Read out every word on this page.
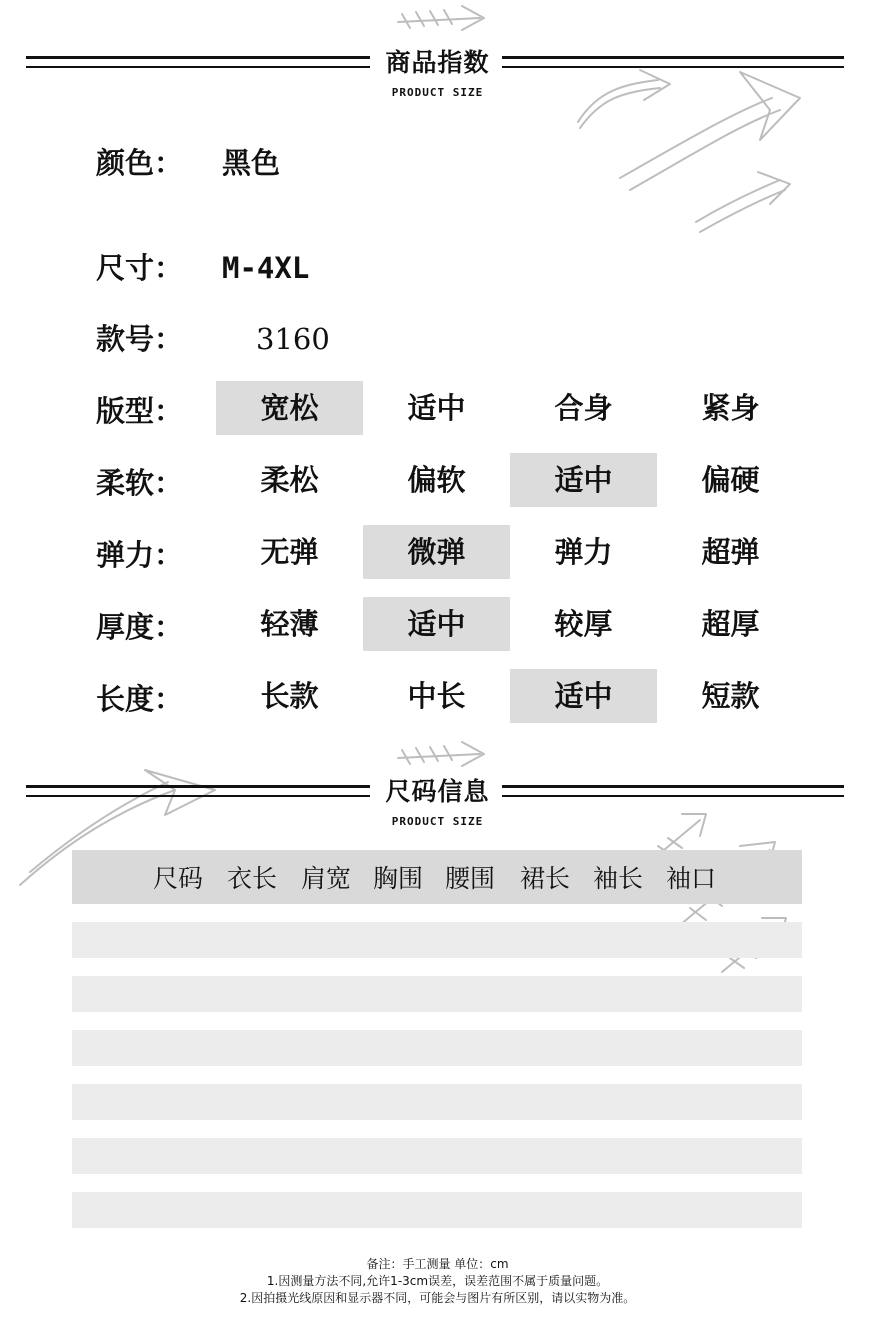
商品指数
PRODUCT SIZE
颜色： 黑色
尺寸： M-4XL
款号：	3160
版型：	宽松	适中	合身	紧身
柔软：	柔松	偏软	适中	偏硬
弹力：	无弹	微弹	弹力	超弹
厚度：	轻薄	适中	较厚	超厚
长度：	长款	中长	适中	短款
尺码信息
PRODUCT SIZE
尺码 衣长 肩宽 胸围 腰围 裙长 袖长 袖口
备注：手工测量 单位：cm
1.因测量方法不同,允许1-3cm误差，误差范围不属于质量问题。
2.因拍摄光线原因和显示器不同，可能会与图片有所区别，请以实物为准。
